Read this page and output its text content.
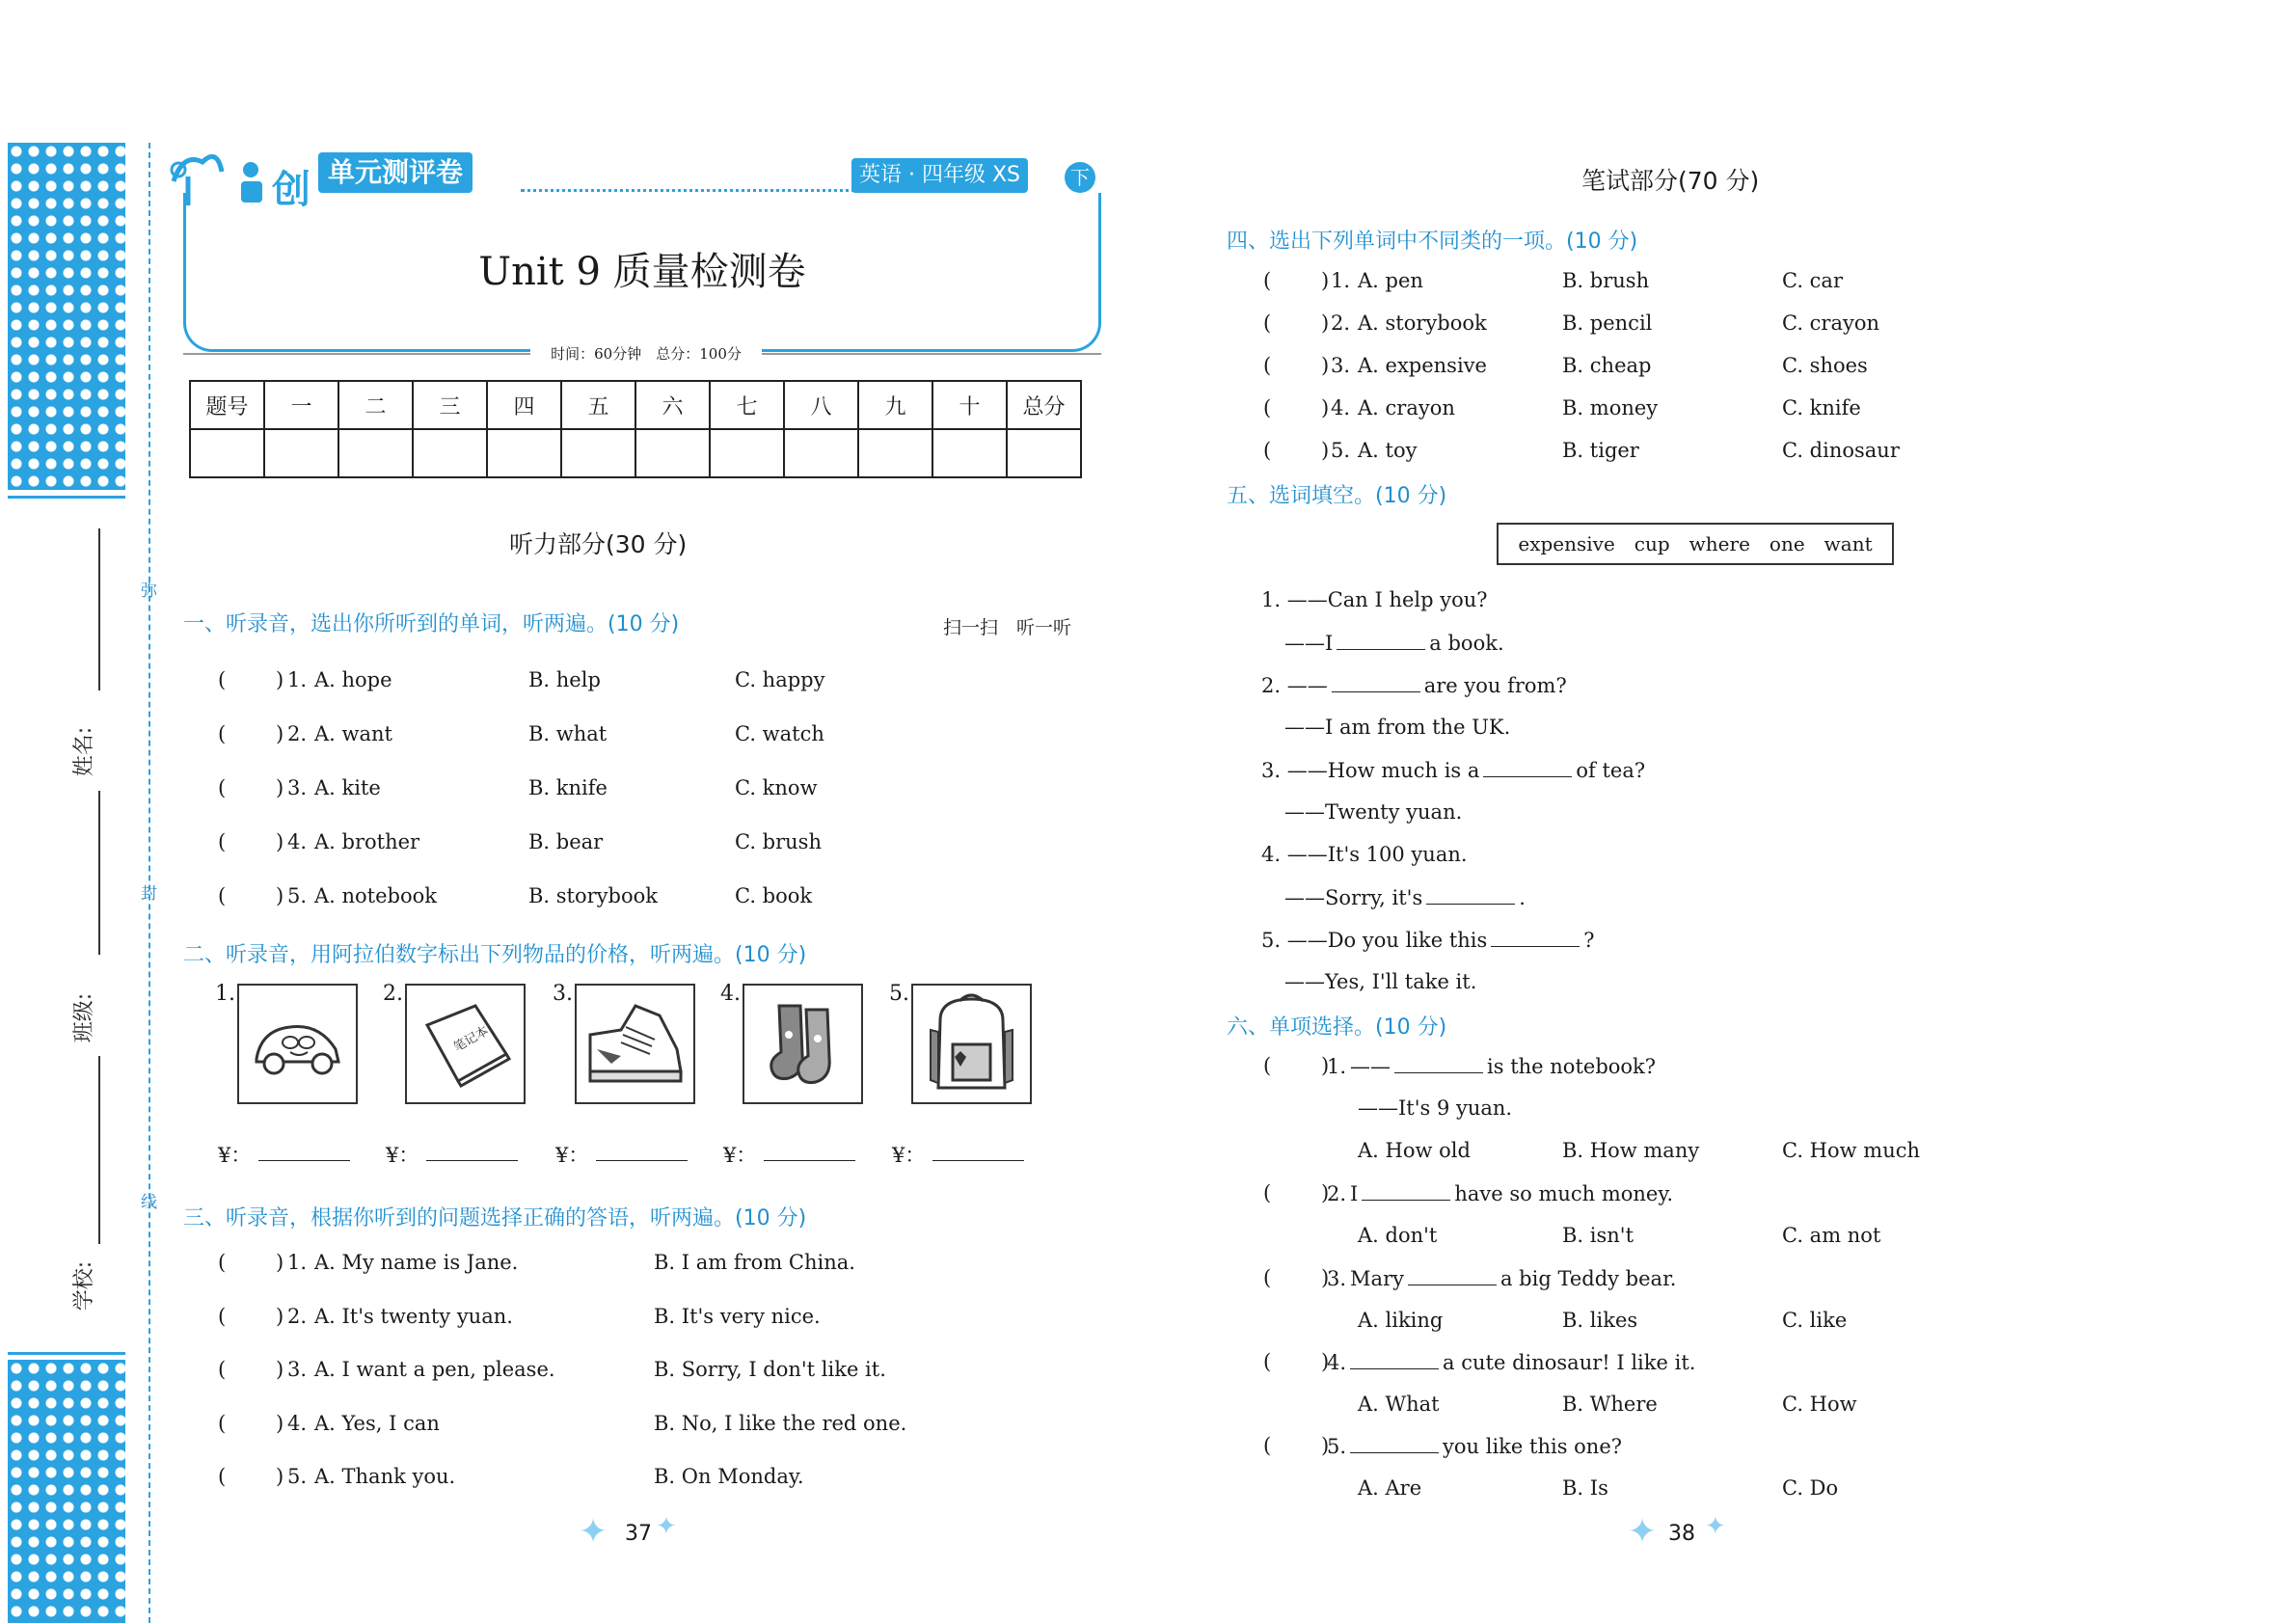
弥
封
线
姓名:
班级:
学校:
创 单元测评卷	英语 · 四年级 XS	下
Unit 9 质量检测卷
时间：60分钟　总分：100分
题号	一	二	三	四	五	六	七	八	九	十	总分

听力部分(30 分)
一、听录音，选出你所听到的单词，听两遍。(10 分)	扫一扫　听一听
( ) 1. A. hope	B. help	C. happy
( ) 2. A. want	B. what	C. watch
( ) 3. A. kite	B. knife	C. know
( ) 4. A. brother	B. bear	C. brush
( ) 5. A. notebook	B. storybook	C. book
二、听录音，用阿拉伯数字标出下列物品的价格，听两遍。(10 分)
1.
¥：
2.
笔记本
¥：
3.
¥：
4.
¥：
5.
¥：
三、听录音，根据你听到的问题选择正确的答语，听两遍。(10 分)
( ) 1. A. My name is Jane.	B. I am from China.
( ) 2. A. It's twenty yuan.	B. It's very nice.
( ) 3. A. I want a pen, please.	B. Sorry, I don't like it.
( ) 4. A. Yes, I can	B. No, I like the red one.
( ) 5. A. Thank you.	B. On Monday.
✦ 37 ✦
笔试部分(70 分)
四、选出下列单词中不同类的一项。(10 分)
( ) 1. A. pen	B. brush	C. car
( ) 2. A. storybook	B. pencil	C. crayon
( ) 3. A. expensive	B. cheap	C. shoes
( ) 4. A. crayon	B. money	C. knife
( ) 5. A. toy	B. tiger	C. dinosaur
五、选词填空。(10 分)
expensive　cup　where　one　want
1. ——Can I help you?
——I	a book.
2. ——	are you from?
——I am from the UK.
3. ——How much is a	of tea?
——Twenty yuan.
4. ——It's 100 yuan.
——Sorry, it's	.
5. ——Do you like this	?
——Yes, I'll take it.
六、单项选择。(10 分)
( )
1. ——	is the notebook?
——It's 9 yuan.
A. How old	B. How many	C. How much
( )
2. I	have so much money.
A. don't	B. isn't	C. am not
( )
3. Mary	a big Teddy bear.
A. liking	B. likes	C. like
( )
4.	a cute dinosaur! I like it.
A. What	B. Where	C. How
( )
5.	you like this one?
A. Are	B. Is	C. Do
✦ 38 ✦
